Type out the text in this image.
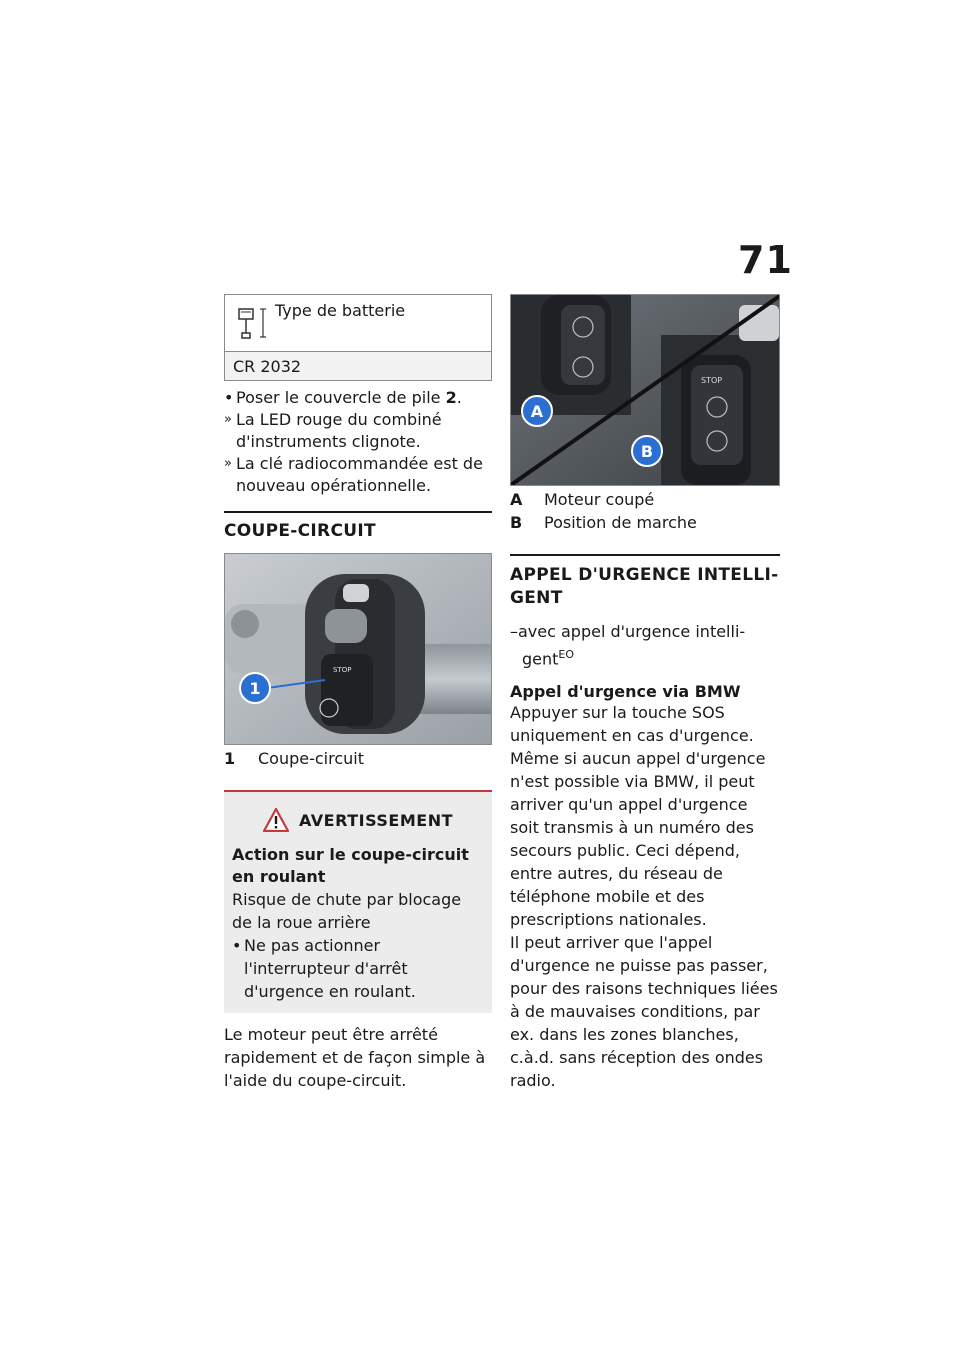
71
Type de batterie

CR 2032
• Poser le couvercle de pile 2.
» La LED rouge du combiné d'instruments clignote.
» La clé radiocommandée est de nouveau opérationnelle.
COUPE-CIRCUIT
STOP
1
1	Coupe-circuit
AVERTISSEMENT
Action sur le coupe-circuit en roulant
Risque de chute par blocage de la roue arrière
• Ne pas actionner l'interrupteur d'arrêt d'urgence en roulant.
Le moteur peut être arrêté rapidement et de façon simple à l'aide du coupe-circuit.
STOP
A
B
A	Moteur coupé
B	Position de marche
APPEL D'URGENCE INTELLI-
GENT
–avec appel d'urgence intelli-
gent$^{EO}$
Appel d'urgence via BMW
Appuyer sur la touche SOS uniquement en cas d'urgence.
Même si aucun appel d'urgence n'est possible via BMW, il peut arriver qu'un appel d'urgence soit transmis à un numéro des secours public. Ceci dépend, entre autres, du réseau de téléphone mobile et des prescriptions nationales.
Il peut arriver que l'appel d'urgence ne puisse pas passer, pour des raisons techniques liées à de mauvaises conditions, par ex. dans les zones blanches, c.à.d. sans réception des ondes radio.
